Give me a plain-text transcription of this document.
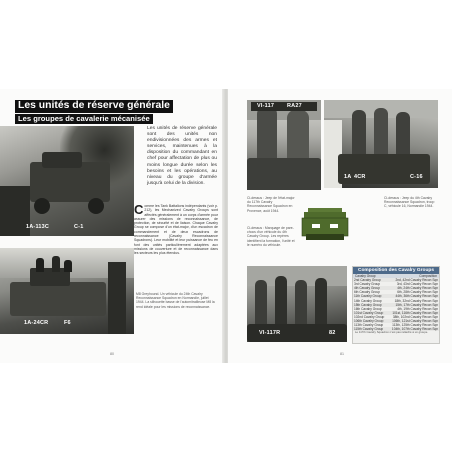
Les unités de réserve générale
Les groupes de cavalerie mécanisée
1A-113C	C-1
Les unités de réserve générale sont des unités non endivisionnées des armes et services, maintenues à la disposition du commandant en chef pour affectation de plus ou moins longue durée selon les besoins et les opérations, au niveau du groupe d'armée jusqu'à celui de la division.
C omme les Tank Battalions indépendants (voir p. 212), les Mechanized Cavalry Groups sont affectés généralement à un corps d'armée pour assurer des missions de reconnaissance, de protection, de sécurité et de liaison. Chaque Cavalry Group se compose d'un état-major, d'un escadron de commandement et de deux escadrons de reconnaissance (Cavalry Reconnaissance Squadrons). Leur mobilité et leur puissance de feu en font des unités particulièrement adaptées aux missions de couverture et de reconnaissance dans les secteurs les plus étendus.
1A-24CR	F6
M8 Greyhound. Un véhicule du 24th Cavalry Reconnaissance Squadron en Normandie, juillet 1944. La silhouette basse de l'automitrailleuse M8 la rend idéale pour les missions de reconnaissance.
80
VI-117 RA27
1A 4CR	C-16
Ci-dessus : Jeep de l'état-major du 117th Cavalry Reconnaissance Squadron en Provence, août 1944.
Ci-dessus : Marquage de pare-chocs d'un véhicule du 4th Cavalry Group. Les repères identifient la formation, l'unité et le numéro du véhicule.
Ci-dessus : Jeep du 4th Cavalry Reconnaissance Squadron, troop C, véhicule 16, Normandie 1944.
VI-117R	82
Composition des Cavalry Groups
Cavalry Group	Composition
2nd Cavalry Group	2nd, 42nd Cavalry Recon Sqn
3rd Cavalry Group	3rd, 43rd Cavalry Recon Sqn
4th Cavalry Group	4th, 24th Cavalry Recon Sqn
6th Cavalry Group	6th, 28th Cavalry Recon Sqn
11th Cavalry Group	44th, 36th Cavalry Recon Sqn
14th Cavalry Group	18th, 32nd Cavalry Recon Sqn
15th Cavalry Group	15th, 17th Cavalry Recon Sqn
16th Cavalry Group	4th, 19th Cavalry Recon Sqn
101st Cavalry Group	101st, 116th Cavalry Recon Sqn
102nd Cavalry Group	38th, 102nd Cavalry Recon Sqn
106th Cavalry Group	106th, 121st Cavalry Recon Sqn
113th Cavalry Group	113th, 125th Cavalry Recon Sqn
115th Cavalry Group	104th, 107th Cavalry Recon Sqn
Le 117th Cavalry Squadron n'est pas rattaché à un groupe.
81
